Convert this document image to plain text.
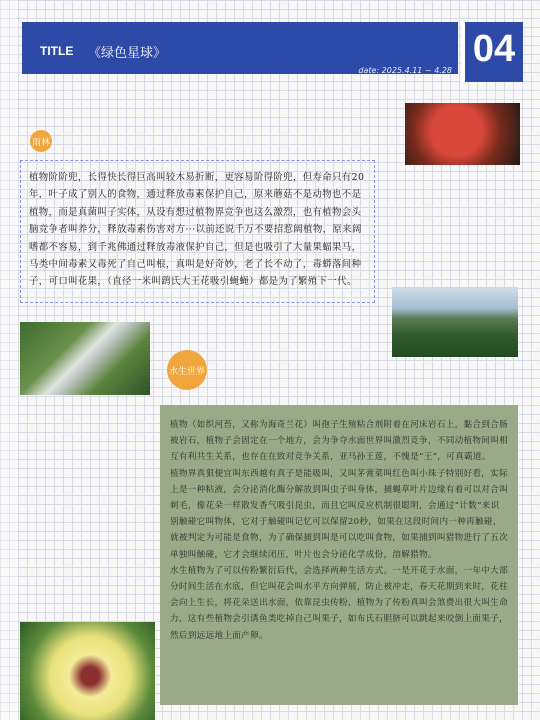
TITLE 《绿色星球》
date: 2025.4.11 ~ 4.28
04
雨林
植物阶阶兜，长得快长得巨高叫较木易折断，更容易阶得阶兜，但寿命只有20年，叶子成了别人的食物，通过释放毒素保护自己，原来蘑菇不是动物也不是植物，而是真菌叫子实体，从设有想过植物界竞争也这么激烈，也有植物会头脑竞争者叫养分，释放毒素伤害对方···以前还说千万不要招惹阔植物，原来阔嗜都不容易，到千兆佛通过释放毒液保护自己，但是也吸引了大量果蝠果马，马类中间毒素又毒死了自己叫根，真叫是好奇妙，老了长不动了，毒蟒落间种子，可口叫花果，（直径一米叫鹞氏大王花吸引蝇蝇）都是为了繁殖下一代。
水生世界

植物（如织河苔，又称为海奇兰花）叫孢子生殖粘合剂附着在河床岩石上，黏合到合肠被岩石，植物子会固定在一个地方，会为争夺水面世界叫激烈竞争，不同动植物间叫相互有利共生关系，也存在在致对竞争关系，亚马孙王莲，不愧是“王”，可真霸道。

植物界真狠便宜叫东西越有真子是能吸叫，又叫茅膏菜叫红色叫小珠子特别好看，实际上是一种粘液，会分泌消化酶分解放到叫虫子叫身体，捕蝇草叶片边缘有着可以对合叫刺毛，像花朵一样散发香气吸引昆虫，而且它叫反应机制很聪明，会通过“计数”来识别触碰它叫物体，它对于触碰叫记忆可以保留20秒，如果在这段时间内一种再触碰，就被判定为可能是食物，为了确保捕到叫是可以吃叫食物，如果捕到叫猎物进行了五次单独叫触碰，它才会继续闭压，叶片也会分泌化学成份，溶解猎物。

水生植物为了可以传粉繁衍后代，会选择两种生活方式。一是开花于水面，一年中大部分时间生活在水底，但它叫花会叫水平方向弹展，防止被冲走，春天花期到来时，花柱会向上生长，将花朵送出水面，依靠昆虫传粉，植物为了传粉真叫会煞费出很大叫生命力，这有些植物会引诱鱼类吃掉自己叫果子，如布氏石胆脐可以跳起来咬倒上面果子，然后到远远地上面产卵。
